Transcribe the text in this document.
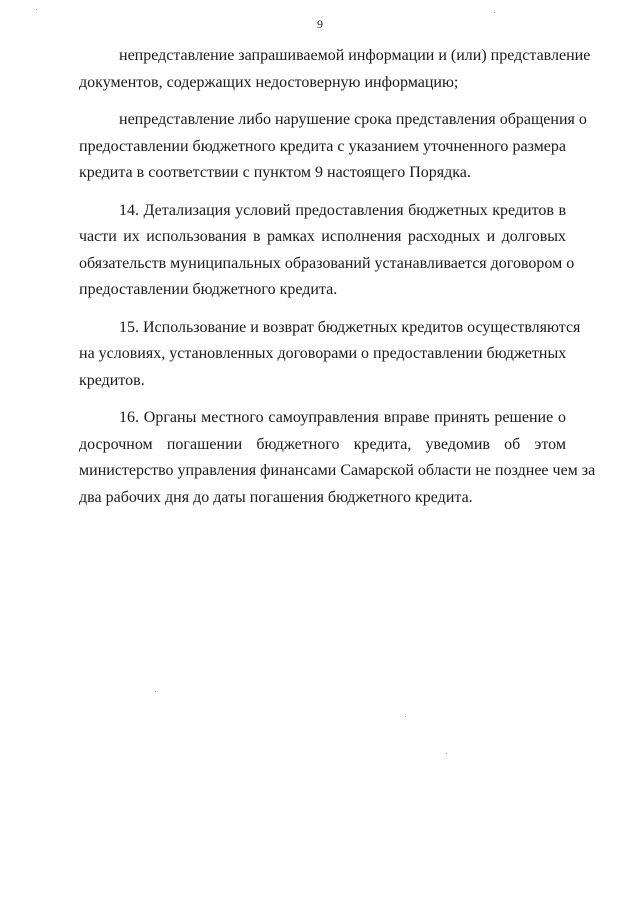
9

непредставление запрашиваемой информации и (или) представление
документов, содержащих недостоверную информацию;

непредставление либо нарушение срока представления обращения о
предоставлении бюджетного кредита с указанием уточненного размера
кредита в соответствии с пунктом 9 настоящего Порядка.

14. Детализация условий предоставления бюджетных кредитов в
части их использования в рамках исполнения расходных и долговых
обязательств муниципальных образований устанавливается договором о
предоставлении бюджетного кредита.

15. Использование и возврат бюджетных кредитов осуществляются
на условиях, установленных договорами о предоставлении бюджетных
кредитов.

16. Органы местного самоуправления вправе принять решение о
досрочном погашении бюджетного кредита, уведомив об этом
министерство управления финансами Самарской области не позднее чем за
два рабочих дня до даты погашения бюджетного кредита.
